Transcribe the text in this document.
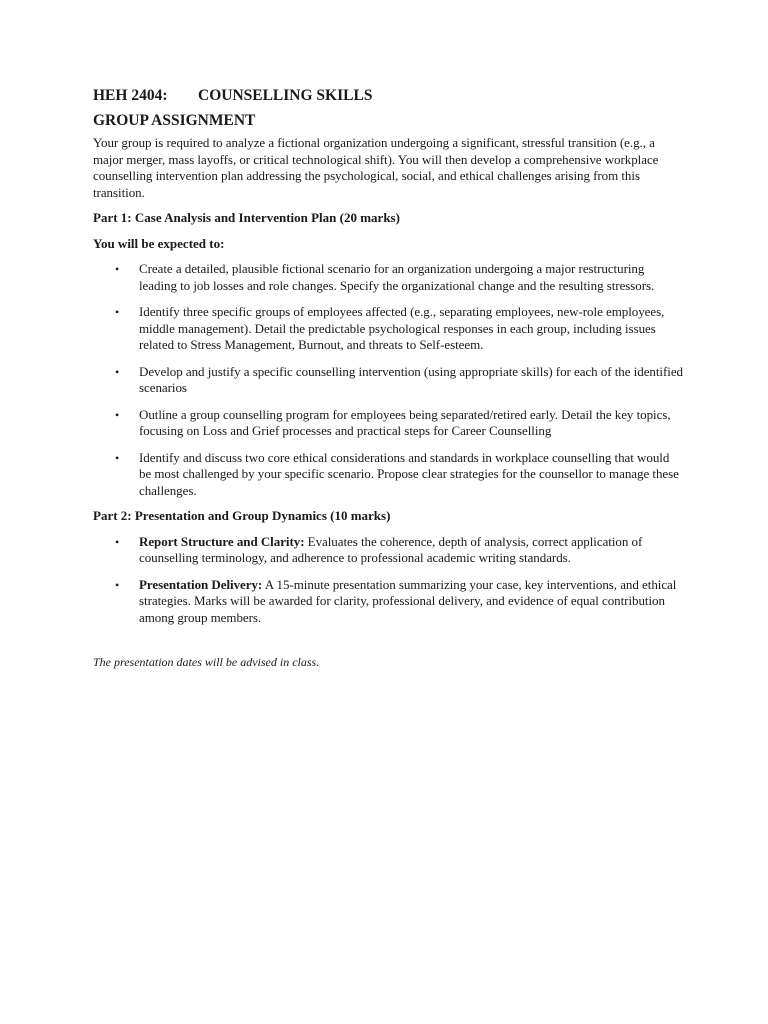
HEH 2404: COUNSELLING SKILLS
GROUP ASSIGNMENT

Your group is required to analyze a fictional organization undergoing a significant, stressful transition (e.g., a major merger, mass layoffs, or critical technological shift). You will then develop a comprehensive workplace counselling intervention plan addressing the psychological, social, and ethical challenges arising from this transition.

Part 1: Case Analysis and Intervention Plan (20 marks)
You will be expected to:
• Create a detailed, plausible fictional scenario for an organization undergoing a major restructuring leading to job losses and role changes. Specify the organizational change and the resulting stressors.
• Identify three specific groups of employees affected (e.g., separating employees, new-role employees, middle management). Detail the predictable psychological responses in each group, including issues related to Stress Management, Burnout, and threats to Self-esteem.
• Develop and justify a specific counselling intervention (using appropriate skills) for each of the identified scenarios
• Outline a group counselling program for employees being separated/retired early. Detail the key topics, focusing on Loss and Grief processes and practical steps for Career Counselling
• Identify and discuss two core ethical considerations and standards in workplace counselling that would be most challenged by your specific scenario. Propose clear strategies for the counsellor to manage these challenges.
Part 2: Presentation and Group Dynamics (10 marks)
• Report Structure and Clarity: Evaluates the coherence, depth of analysis, correct application of counselling terminology, and adherence to professional academic writing standards.
• Presentation Delivery: A 15-minute presentation summarizing your case, key interventions, and ethical strategies. Marks will be awarded for clarity, professional delivery, and evidence of equal contribution among group members.
The presentation dates will be advised in class.
